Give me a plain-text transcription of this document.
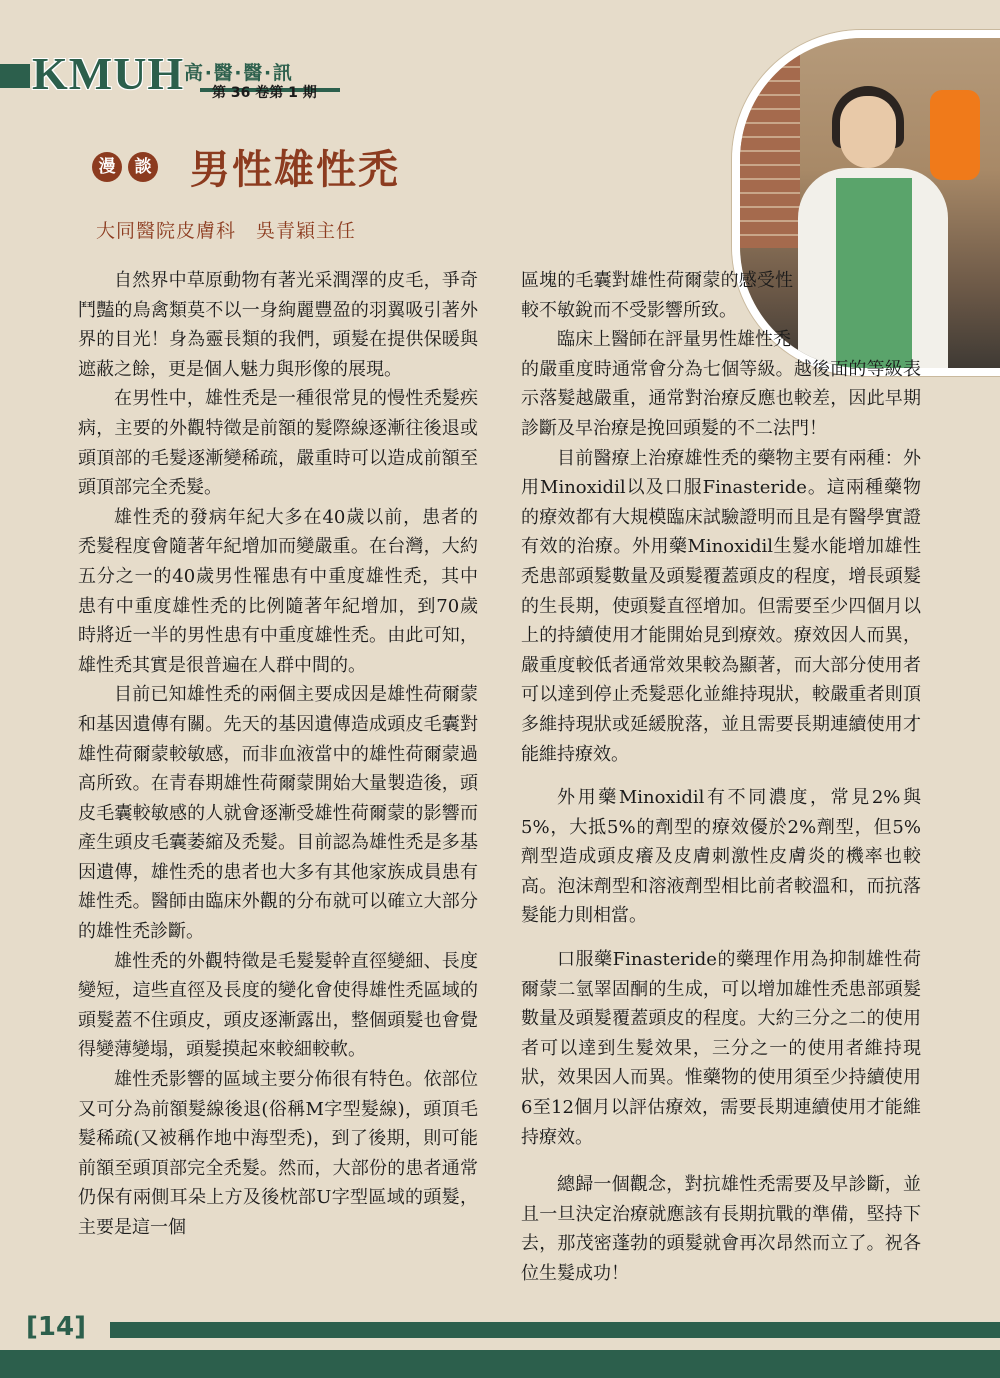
KMUH 高‧醫‧醫‧訊
第 36 卷第 1 期
漫	談 男性雄性禿
大同醫院皮膚科　吳青穎主任

自然界中草原動物有著光采潤澤的皮毛，爭奇鬥豔的鳥禽類莫不以一身絢麗豐盈的羽翼吸引著外界的目光！身為靈長類的我們，頭髮在提供保暖與遮蔽之餘，更是個人魅力與形像的展現。

在男性中，雄性禿是一種很常見的慢性禿髮疾病，主要的外觀特徵是前額的髮際線逐漸往後退或頭頂部的毛髮逐漸變稀疏，嚴重時可以造成前額至頭頂部完全禿髮。

雄性禿的發病年紀大多在40歲以前，患者的禿髮程度會隨著年紀增加而變嚴重。在台灣，大約五分之一的40歲男性罹患有中重度雄性禿，其中患有中重度雄性禿的比例隨著年紀增加，到70歲時將近一半的男性患有中重度雄性禿。由此可知，雄性禿其實是很普遍在人群中間的。

目前已知雄性禿的兩個主要成因是雄性荷爾蒙和基因遺傳有關。先天的基因遺傳造成頭皮毛囊對雄性荷爾蒙較敏感，而非血液當中的雄性荷爾蒙過高所致。在青春期雄性荷爾蒙開始大量製造後，頭皮毛囊較敏感的人就會逐漸受雄性荷爾蒙的影響而產生頭皮毛囊萎縮及禿髮。目前認為雄性禿是多基因遺傳，雄性禿的患者也大多有其他家族成員患有雄性禿。醫師由臨床外觀的分布就可以確立大部分的雄性禿診斷。

雄性禿的外觀特徵是毛髮髮幹直徑變細、長度變短，這些直徑及長度的變化會使得雄性禿區域的頭髮蓋不住頭皮，頭皮逐漸露出，整個頭髮也會覺得變薄變塌，頭髮摸起來較細較軟。

雄性禿影響的區域主要分佈很有特色。依部位又可分為前額髮線後退(俗稱M字型髮線)，頭頂毛髮稀疏(又被稱作地中海型禿)，到了後期，則可能前額至頭頂部完全禿髮。然而，大部份的患者通常仍保有兩側耳朵上方及後枕部U字型區域的頭髮，主要是這一個

區塊的毛囊對雄性荷爾蒙的感受性較不敏銳而不受影響所致。

臨床上醫師在評量男性雄性禿

的嚴重度時通常會分為七個等級。越後面的等級表示落髮越嚴重，通常對治療反應也較差，因此早期診斷及早治療是挽回頭髮的不二法門！

目前醫療上治療雄性禿的藥物主要有兩種：外用Minoxidil以及口服Finasteride。這兩種藥物的療效都有大規模臨床試驗證明而且是有醫學實證有效的治療。外用藥Minoxidil生髮水能增加雄性禿患部頭髮數量及頭髮覆蓋頭皮的程度，增長頭髮的生長期，使頭髮直徑增加。但需要至少四個月以上的持續使用才能開始見到療效。療效因人而異，嚴重度較低者通常效果較為顯著，而大部分使用者可以達到停止禿髮惡化並維持現狀，較嚴重者則頂多維持現狀或延緩脫落，並且需要長期連續使用才能維持療效。

外用藥Minoxidil有不同濃度，常見2%與5%，大抵5%的劑型的療效優於2%劑型，但5%劑型造成頭皮癢及皮膚刺激性皮膚炎的機率也較高。泡沫劑型和溶液劑型相比前者較溫和，而抗落髮能力則相當。

口服藥Finasteride的藥理作用為抑制雄性荷爾蒙二氫睪固酮的生成，可以增加雄性禿患部頭髮數量及頭髮覆蓋頭皮的程度。大約三分之二的使用者可以達到生髮效果，三分之一的使用者維持現狀，效果因人而異。惟藥物的使用須至少持續使用6至12個月以評估療效，需要長期連續使用才能維持療效。

總歸一個觀念，對抗雄性禿需要及早診斷，並且一旦決定治療就應該有長期抗戰的準備，堅持下去，那茂密蓬勃的頭髮就會再次昂然而立了。祝各位生髮成功！

[14]
